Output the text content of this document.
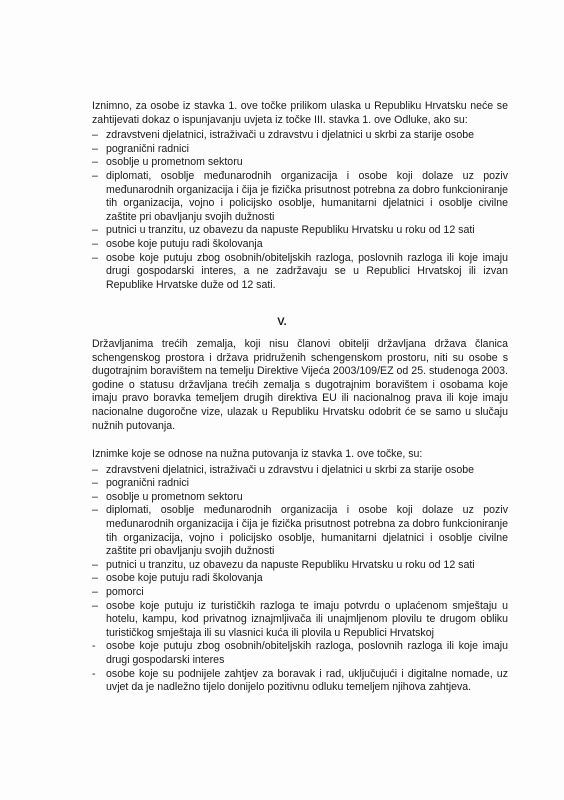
Iznimno, za osobe iz stavka 1. ove točke prilikom ulaska u Republiku Hrvatsku neće se zahtijevati dokaz o ispunjavanju uvjeta iz točke III. stavka 1. ove Odluke, ako su:

– zdravstveni djelatnici, istraživači u zdravstvu i djelatnici u skrbi za starije osobe
– pogranični radnici
– osoblje u prometnom sektoru
– diplomati, osoblje međunarodnih organizacija i osobe koji dolaze uz poziv međunarodnih organizacija i čija je fizička prisutnost potrebna za dobro funkcioniranje tih organizacija, vojno i policijsko osoblje, humanitarni djelatnici i osoblje civilne zaštite pri obavljanju svojih dužnosti
– putnici u tranzitu, uz obavezu da napuste Republiku Hrvatsku u roku od 12 sati
– osobe koje putuju radi školovanja
– osobe koje putuju zbog osobnih/obiteljskih razloga, poslovnih razloga ili koje imaju drugi gospodarski interes, a ne zadržavaju se u Republici Hrvatskoj ili izvan Republike Hrvatske duže od 12 sati.
V.

Državljanima trećih zemalja, koji nisu članovi obitelji državljana država članica schengenskog prostora i država pridruženih schengenskom prostoru, niti su osobe s dugotrajnim boravištem na temelju Direktive Vijeća 2003/109/EZ od 25. studenoga 2003. godine o statusu državljana trećih zemalja s dugotrajnim boravištem i osobama koje imaju pravo boravka temeljem drugih direktiva EU ili nacionalnog prava ili koje imaju nacionalne dugoročne vize, ulazak u Republiku Hrvatsku odobrit će se samo u slučaju nužnih putovanja.

Iznimke koje se odnose na nužna putovanja iz stavka 1. ove točke, su:

– zdravstveni djelatnici, istraživači u zdravstvu i djelatnici u skrbi za starije osobe
– pogranični radnici
– osoblje u prometnom sektoru
– diplomati, osoblje međunarodnih organizacija i osobe koji dolaze uz poziv međunarodnih organizacija i čija je fizička prisutnost potrebna za dobro funkcioniranje tih organizacija, vojno i policijsko osoblje, humanitarni djelatnici i osoblje civilne zaštite pri obavljanju svojih dužnosti
– putnici u tranzitu, uz obavezu da napuste Republiku Hrvatsku u roku od 12 sati
– osobe koje putuju radi školovanja
– pomorci
– osobe koje putuju iz turističkih razloga te imaju potvrdu o uplaćenom smještaju u hotelu, kampu, kod privatnog iznajmljivača ili unajmljenom plovilu te drugom obliku turističkog smještaja ili su vlasnici kuća ili plovila u Republici Hrvatskoj
- osobe koje putuju zbog osobnih/obiteljskih razloga, poslovnih razloga ili koje imaju drugi gospodarski interes
- osobe koje su podnijele zahtjev za boravak i rad, uključujući i digitalne nomade, uz uvjet da je nadležno tijelo donijelo pozitivnu odluku temeljem njihova zahtjeva.
